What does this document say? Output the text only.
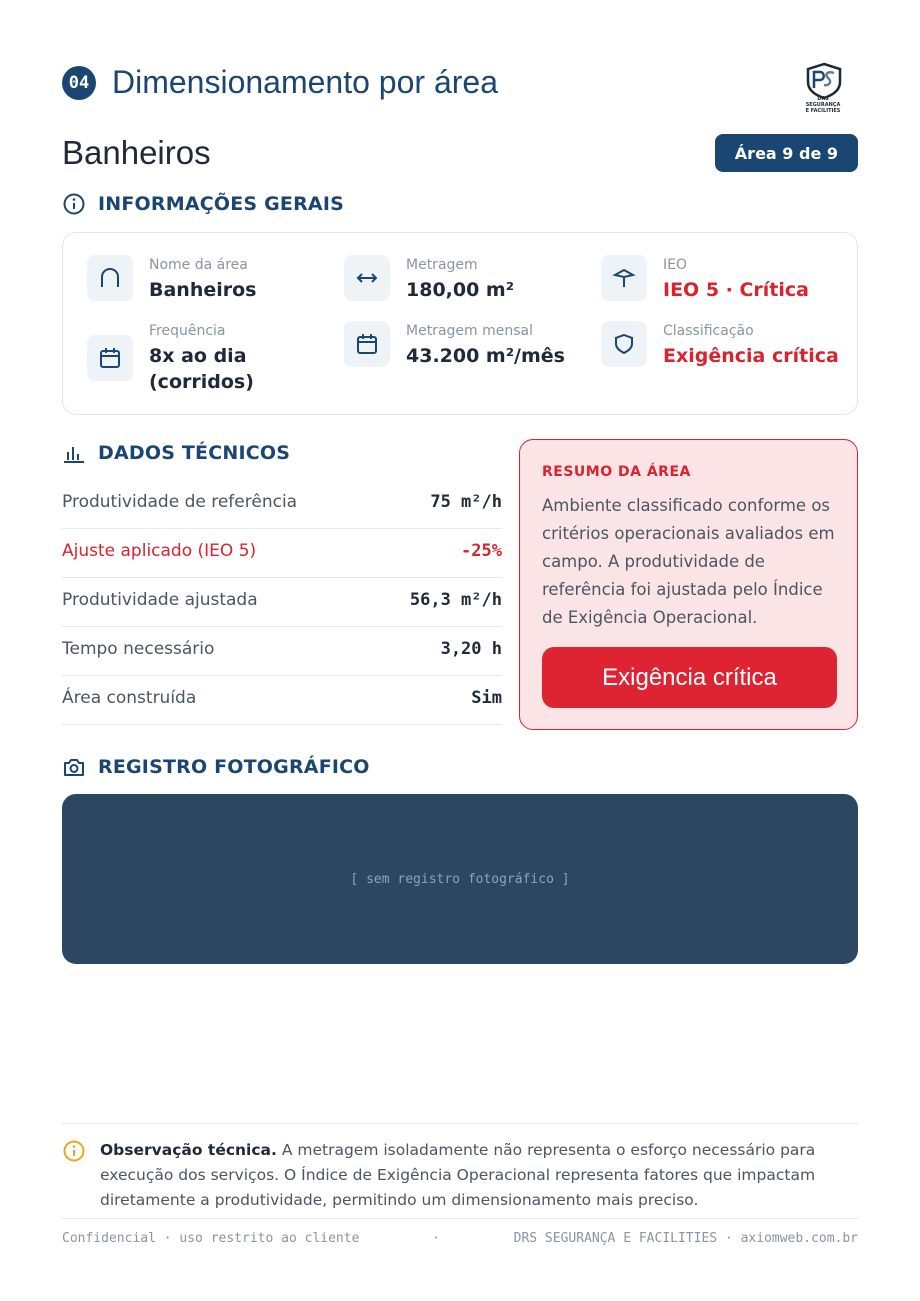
04 Dimensionamento por área	DRS SEGURANÇA
E FACILITIES
Banheiros	Área 9 de 9
INFORMAÇÕES GERAIS
Nome da área
Banheiros
Metragem
180,00 m²
IEO
IEO 5 · Crítica
Frequência
8x ao dia (corridos)
Metragem mensal
43.200 m²/mês
Classificação
Exigência crítica
DADOS TÉCNICOS
Produtividade de referência	75 m²/h
Ajuste aplicado (IEO 5)	-25%
Produtividade ajustada	56,3 m²/h
Tempo necessário	3,20 h
Área construída	Sim
RESUMO DA ÁREA
Ambiente classificado conforme os critérios operacionais avaliados em campo. A produtividade de referência foi ajustada pelo Índice de Exigência Operacional.
Exigência crítica
REGISTRO FOTOGRÁFICO
[ sem registro fotográfico ]
Observação técnica. A metragem isoladamente não representa o esforço necessário para execução dos serviços. O Índice de Exigência Operacional representa fatores que impactam diretamente a produtividade, permitindo um dimensionamento mais preciso.
Confidencial · uso restrito ao cliente	·	DRS SEGURANÇA E FACILITIES · axiomweb.com.br
